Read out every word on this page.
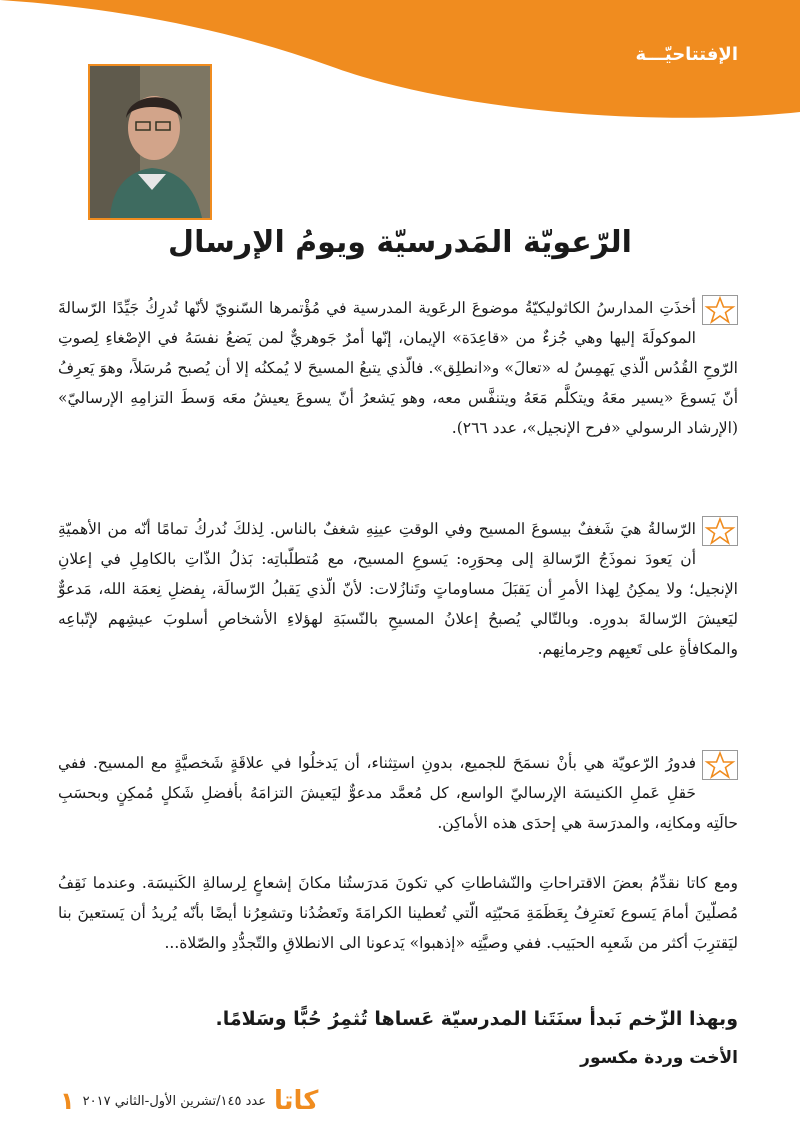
الإفتتاحيّـــة
الرّعويّة المَدرسيّة ويومُ الإرسال
أخذَتِ المدارسُ الكاثوليكيّةُ موضوعَ الرعَوية المدرسية في مُؤْتمرها السّنويّ لأنّها تُدرِكُ جَيِّدًا الرّسالةَ الموكولَةَ إليها وهي جُزءٌ من «قاعِدَة» الإيمان، إنّها أمرٌ جَوهريٌّ لمن يَضعُ نفسَهُ في الإصْغاءِ لِصوتِ الرّوحِ القُدُس الّذي يَهمِسُ له «تعالَ» و«انطلِق». فالّذي يتبعُ المسيحَ لا يُمكنُه إلا أن يُصبح مُرسَلاً، وهوَ يَعرِفُ أنّ يَسوعَ «يسير معَهُ ويتكلَّم مَعَهُ ويتنفَّس معه، وهو يَشعرُ أنّ يسوعَ يعيشُ معَه وَسطَ التزامِهِ الإرساليّ» (الإرشاد الرسولي «فرح الإنجيل»، عدد ٢٦٦).
الرّسالةُ هيَ شَغفٌ بيسوعَ المسيح وفي الوقتِ عينِهِ شغفٌ بالناس. لِذلكَ نُدركُ تمامًا أنّه من الأهميّةِ أن يَعودَ نموذَجُ الرّسالةِ إلى مِحوَرِه: يَسوعِ المسيح، مع مُتطلّباتِه: بَذلُ الذّاتِ بالكامِلِ في إعلانِ الإنجيل؛ ولا يمكِنُ لِهذا الأمرِ أن يَقبَلَ مساوماتٍ وتَنازُلات: لأنّ الّذي يَقبلُ الرّسالَة، بِفضلِ نِعمَة الله، مَدعوٌّ ليَعيشَ الرّسالةَ بدورِه. وبالتّالي يُصبحُ إعلانُ المسيحِ بالنّسبَةِ لهؤلاءِ الأشخاصِ أسلوبَ عيشِهم لإتّباعِه والمكافأةِ على تَعبِهم وحِرمانِهم.
فدورُ الرّعويّة هي بأنْ نسمَحَ للجميع، بدونِ استِثناء، أن يَدخلُوا في علاقَةٍ شَخصيَّةٍ مع المسيح. ففي حَقلِ عَملِ الكنيسَة الإرساليّ الواسع، كل مُعمَّد مدعوٌّ ليَعيشَ التزامَهُ بأفضلِ شَكلٍ مُمكِنٍ وبحسَبِ حالَتِه ومكانِه، والمدرَسة هي إحدَى هذه الأماكِن.
ومع كاتا نقدِّمُ بعضَ الاقتراحاتِ والنّشاطاتِ كي تكونَ مَدرَستُنا مكانَ إشعاعٍ لِرسالةِ الكَنيسَة. وعندما نَقِفُ مُصلّينَ أمامَ يَسوع نَعترِفُ بِعَظَمَةِ مَحبّتِه الّتي تُعطينا الكرامَةَ وتَعضُدُنا وتشعِرُنا أيضًا بأنّه يُريدُ أن يَستعينَ بنا ليَقترِبَ أكثر من شَعبِه الحبَيب. ففي وصيَّتِه «إذهبوا» يَدعونا الى الانطلاقِ والتّجدُّدِ والصّلاة...
وبهذا الزّخم نَبدأ سنَتَنا المدرسيّة عَساها تُثمِرُ حُبًّا وسَلامًا.
الأخت وردة مكسور
كاتا
عدد ١٤٥/تشرين الأول-الثاني ٢٠١٧
١
